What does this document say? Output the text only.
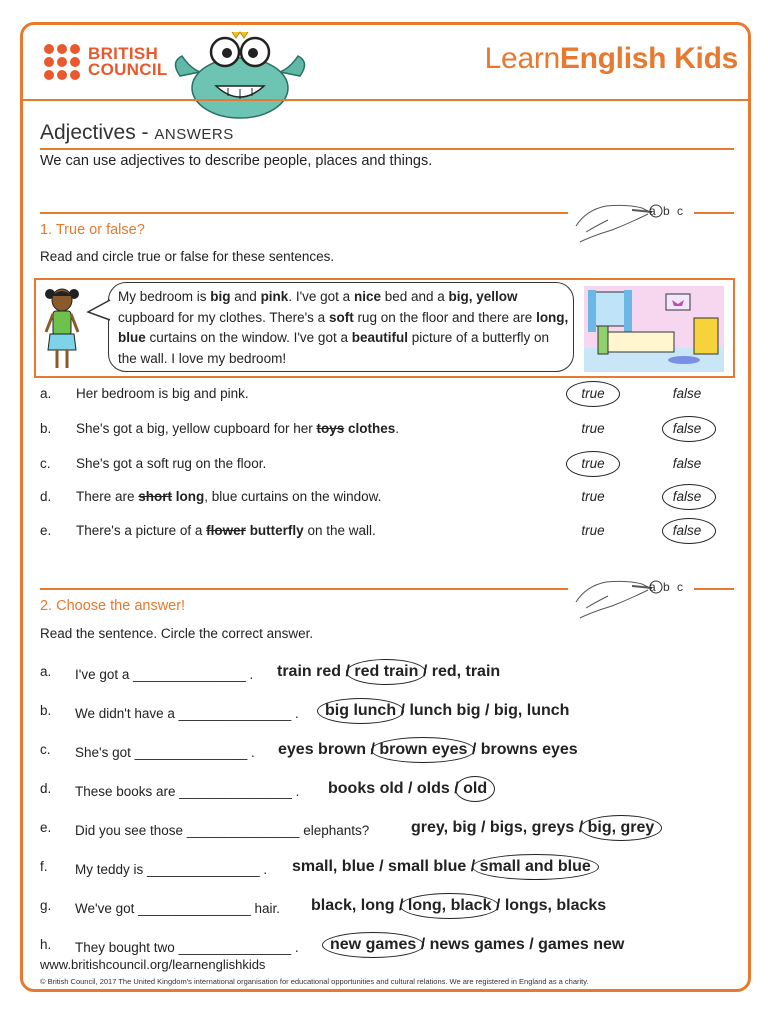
BRITISH
COUNCIL	LearnEnglish Kids
Adjectives - ANSWERS
We can use adjectives to describe people, places and things.
a b c
1. True or false?
Read and circle true or false for these sentences.
My bedroom is big and pink. I've got a nice bed and a big, yellow cupboard for my clothes. There's a soft rug on the floor and there are long, blue curtains on the window. I've got a beautiful picture of a butterfly on the wall. I love my bedroom!
a. Her bedroom is big and pink.	true	false
b. She's got a big, yellow cupboard for her toys clothes.	true	false
c. She's got a soft rug on the floor.	true	false
d. There are short long, blue curtains on the window.	true	false
e. There's a picture of a flower butterfly on the wall.	true	false
a b c
2. Choose the answer!
Read the sentence. Circle the correct answer.
a. I've got a _______________ . train red /
red train / red, train
b. We didn't have a _______________ . big lunch / lunch big / big, lunch
c. She's got _______________ . eyes brown /
brown eyes / browns eyes
d. These books are _______________ . books old / olds /
old
e. Did you see those _______________ elephants?	grey, big / bigs, greys /
big, grey
f. My teddy is _______________ . small, blue / small blue /
small and blue
g. We've got _______________ hair. black, long /
long, black / longs, blacks
h. They bought two _______________ . new games / news games / games new
www.britishcouncil.org/learnenglishkids
© British Council, 2017 The United Kingdom's international organisation for educational opportunities and cultural relations. We are registered in England as a charity.
